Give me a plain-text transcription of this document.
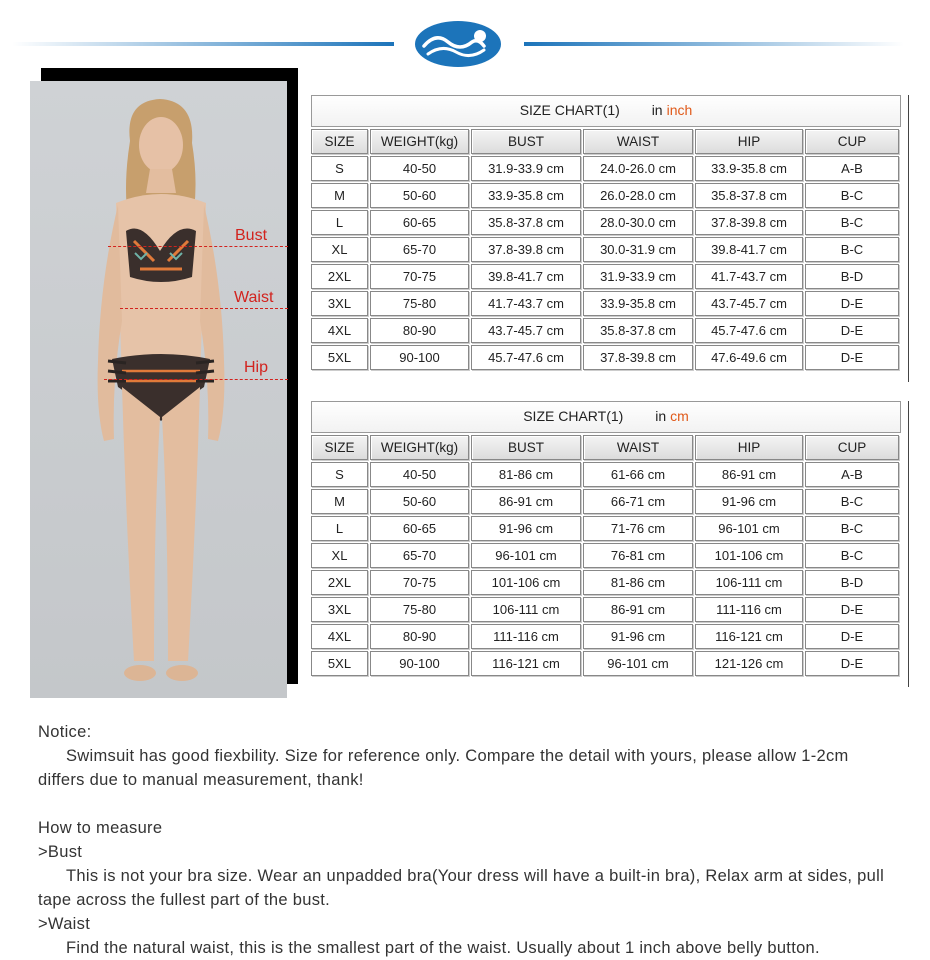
Bust
Waist
Hip
SIZE CHART(1) in inch
SIZE	WEIGHT(kg)	BUST	WAIST	HIP	CUP
S	40-50	31.9-33.9 cm	24.0-26.0 cm	33.9-35.8 cm	A-B
M	50-60	33.9-35.8 cm	26.0-28.0 cm	35.8-37.8 cm	B-C
L	60-65	35.8-37.8 cm	28.0-30.0 cm	37.8-39.8 cm	B-C
XL	65-70	37.8-39.8 cm	30.0-31.9 cm	39.8-41.7 cm	B-C
2XL	70-75	39.8-41.7 cm	31.9-33.9 cm	41.7-43.7 cm	B-D
3XL	75-80	41.7-43.7 cm	33.9-35.8 cm	43.7-45.7 cm	D-E
4XL	80-90	43.7-45.7 cm	35.8-37.8 cm	45.7-47.6 cm	D-E
5XL	90-100	45.7-47.6 cm	37.8-39.8 cm	47.6-49.6 cm	D-E
SIZE CHART(1) in cm
SIZE	WEIGHT(kg)	BUST	WAIST	HIP	CUP
S	40-50	81-86 cm	61-66 cm	86-91 cm	A-B
M	50-60	86-91 cm	66-71 cm	91-96 cm	B-C
L	60-65	91-96 cm	71-76 cm	96-101 cm	B-C
XL	65-70	96-101 cm	76-81 cm	101-106 cm	B-C
2XL	70-75	101-106 cm	81-86 cm	106-111 cm	B-D
3XL	75-80	106-111 cm	86-91 cm	111-116 cm	D-E
4XL	80-90	111-116 cm	91-96 cm	116-121 cm	D-E
5XL	90-100	116-121 cm	96-101 cm	121-126 cm	D-E

Notice:

Swimsuit has good fiexbility. Size for reference only. Compare the detail with yours, please allow 1-2cm differs due to manual measurement, thank!

How to measure

>Bust

This is not your bra size. Wear an unpadded bra(Your dress will have a built-in bra), Relax arm at sides, pull tape across the fullest part of the bust.

>Waist

Find the natural waist, this is the smallest part of the waist. Usually about 1 inch above belly button.
